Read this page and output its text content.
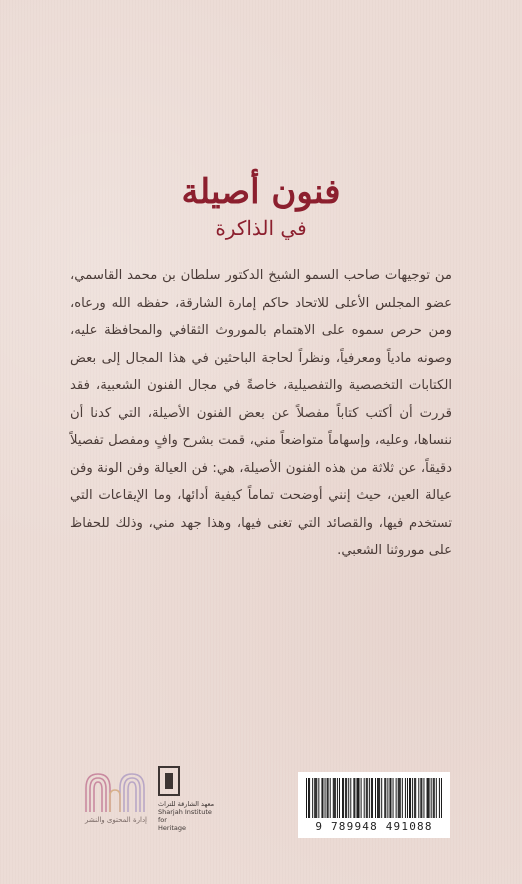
فنون أصيلة
في الذاكرة

من توجيهات صاحب السمو الشيخ الدكتور سلطان بن محمد القاسمي، عضو المجلس الأعلى للاتحاد حاكم إمارة الشارقة، حفظه الله ورعاه، ومن حرص سموه على الاهتمام بالموروث الثقافي والمحافظة عليه، وصونه مادياً ومعرفياً، ونظراً لحاجة الباحثين في هذا المجال إلى بعض الكتابات التخصصية والتفصيلية، خاصةً في مجال الفنون الشعبية، فقد قررت أن أكتب كتاباً مفصلاً عن بعض الفنون الأصيلة، التي كدنا أن ننساها، وعليه، وإسهاماً متواضعاً مني، قمت بشرح وافٍ ومفصل تفصيلاً دقيقاً، عن ثلاثة من هذه الفنون الأصيلة، هي: فن العيالة وفن الونة وفن عيالة العين، حيث إنني أوضحت تماماً كيفية أدائها، وما الإيقاعات التي تستخدم فيها، والقصائد التي تغنى فيها، وهذا جهد مني، وذلك للحفاظ على موروثنا الشعبي.

إدارة المحتوى والنشر
معهد الشارقة للتراث
Sharjah Institute for
Heritage	9 789948 491088
